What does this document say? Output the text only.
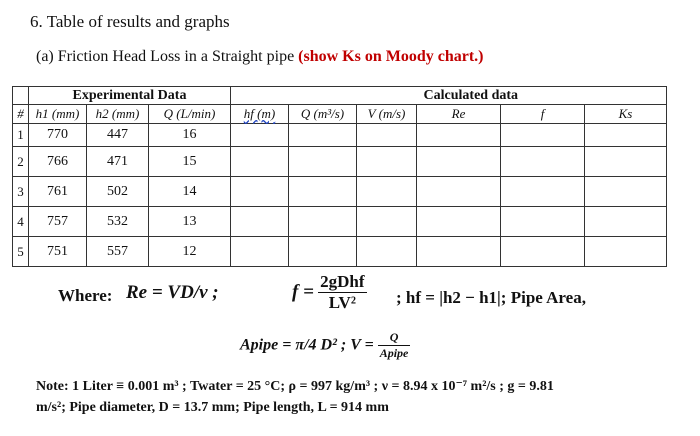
6. Table of results and graphs
(a) Friction Head Loss in a Straight pipe (show Ks on Moody chart.)
	Experimental Data			Calculated data					
#	h1 (mm)	h2 (mm)	Q (L/min)	hf (m)	Q (m³/s)	V (m/s)	Re	f	Ks
1	770	447	16						
2	766	471	15						
3	761	502	14						
4	757	532	13						
5	751	557	12						
Where: Re = VD/ν ;	$f = \frac{\text{2gDhf}}{\text{LV²}}$ ; hf = |h2 − h1|; Pipe Area,
Apipe = π/4 D² ; $V = \frac{Q}{\text{Apipe}}$
Note: 1 Liter ≡ 0.001 m³ ; Twater = 25 °C; ρ = 997 kg/m³ ; ν = 8.94 x 10⁻⁷ m²/s ; g = 9.81
m/s²; Pipe diameter, D = 13.7 mm; Pipe length, L = 914 mm
